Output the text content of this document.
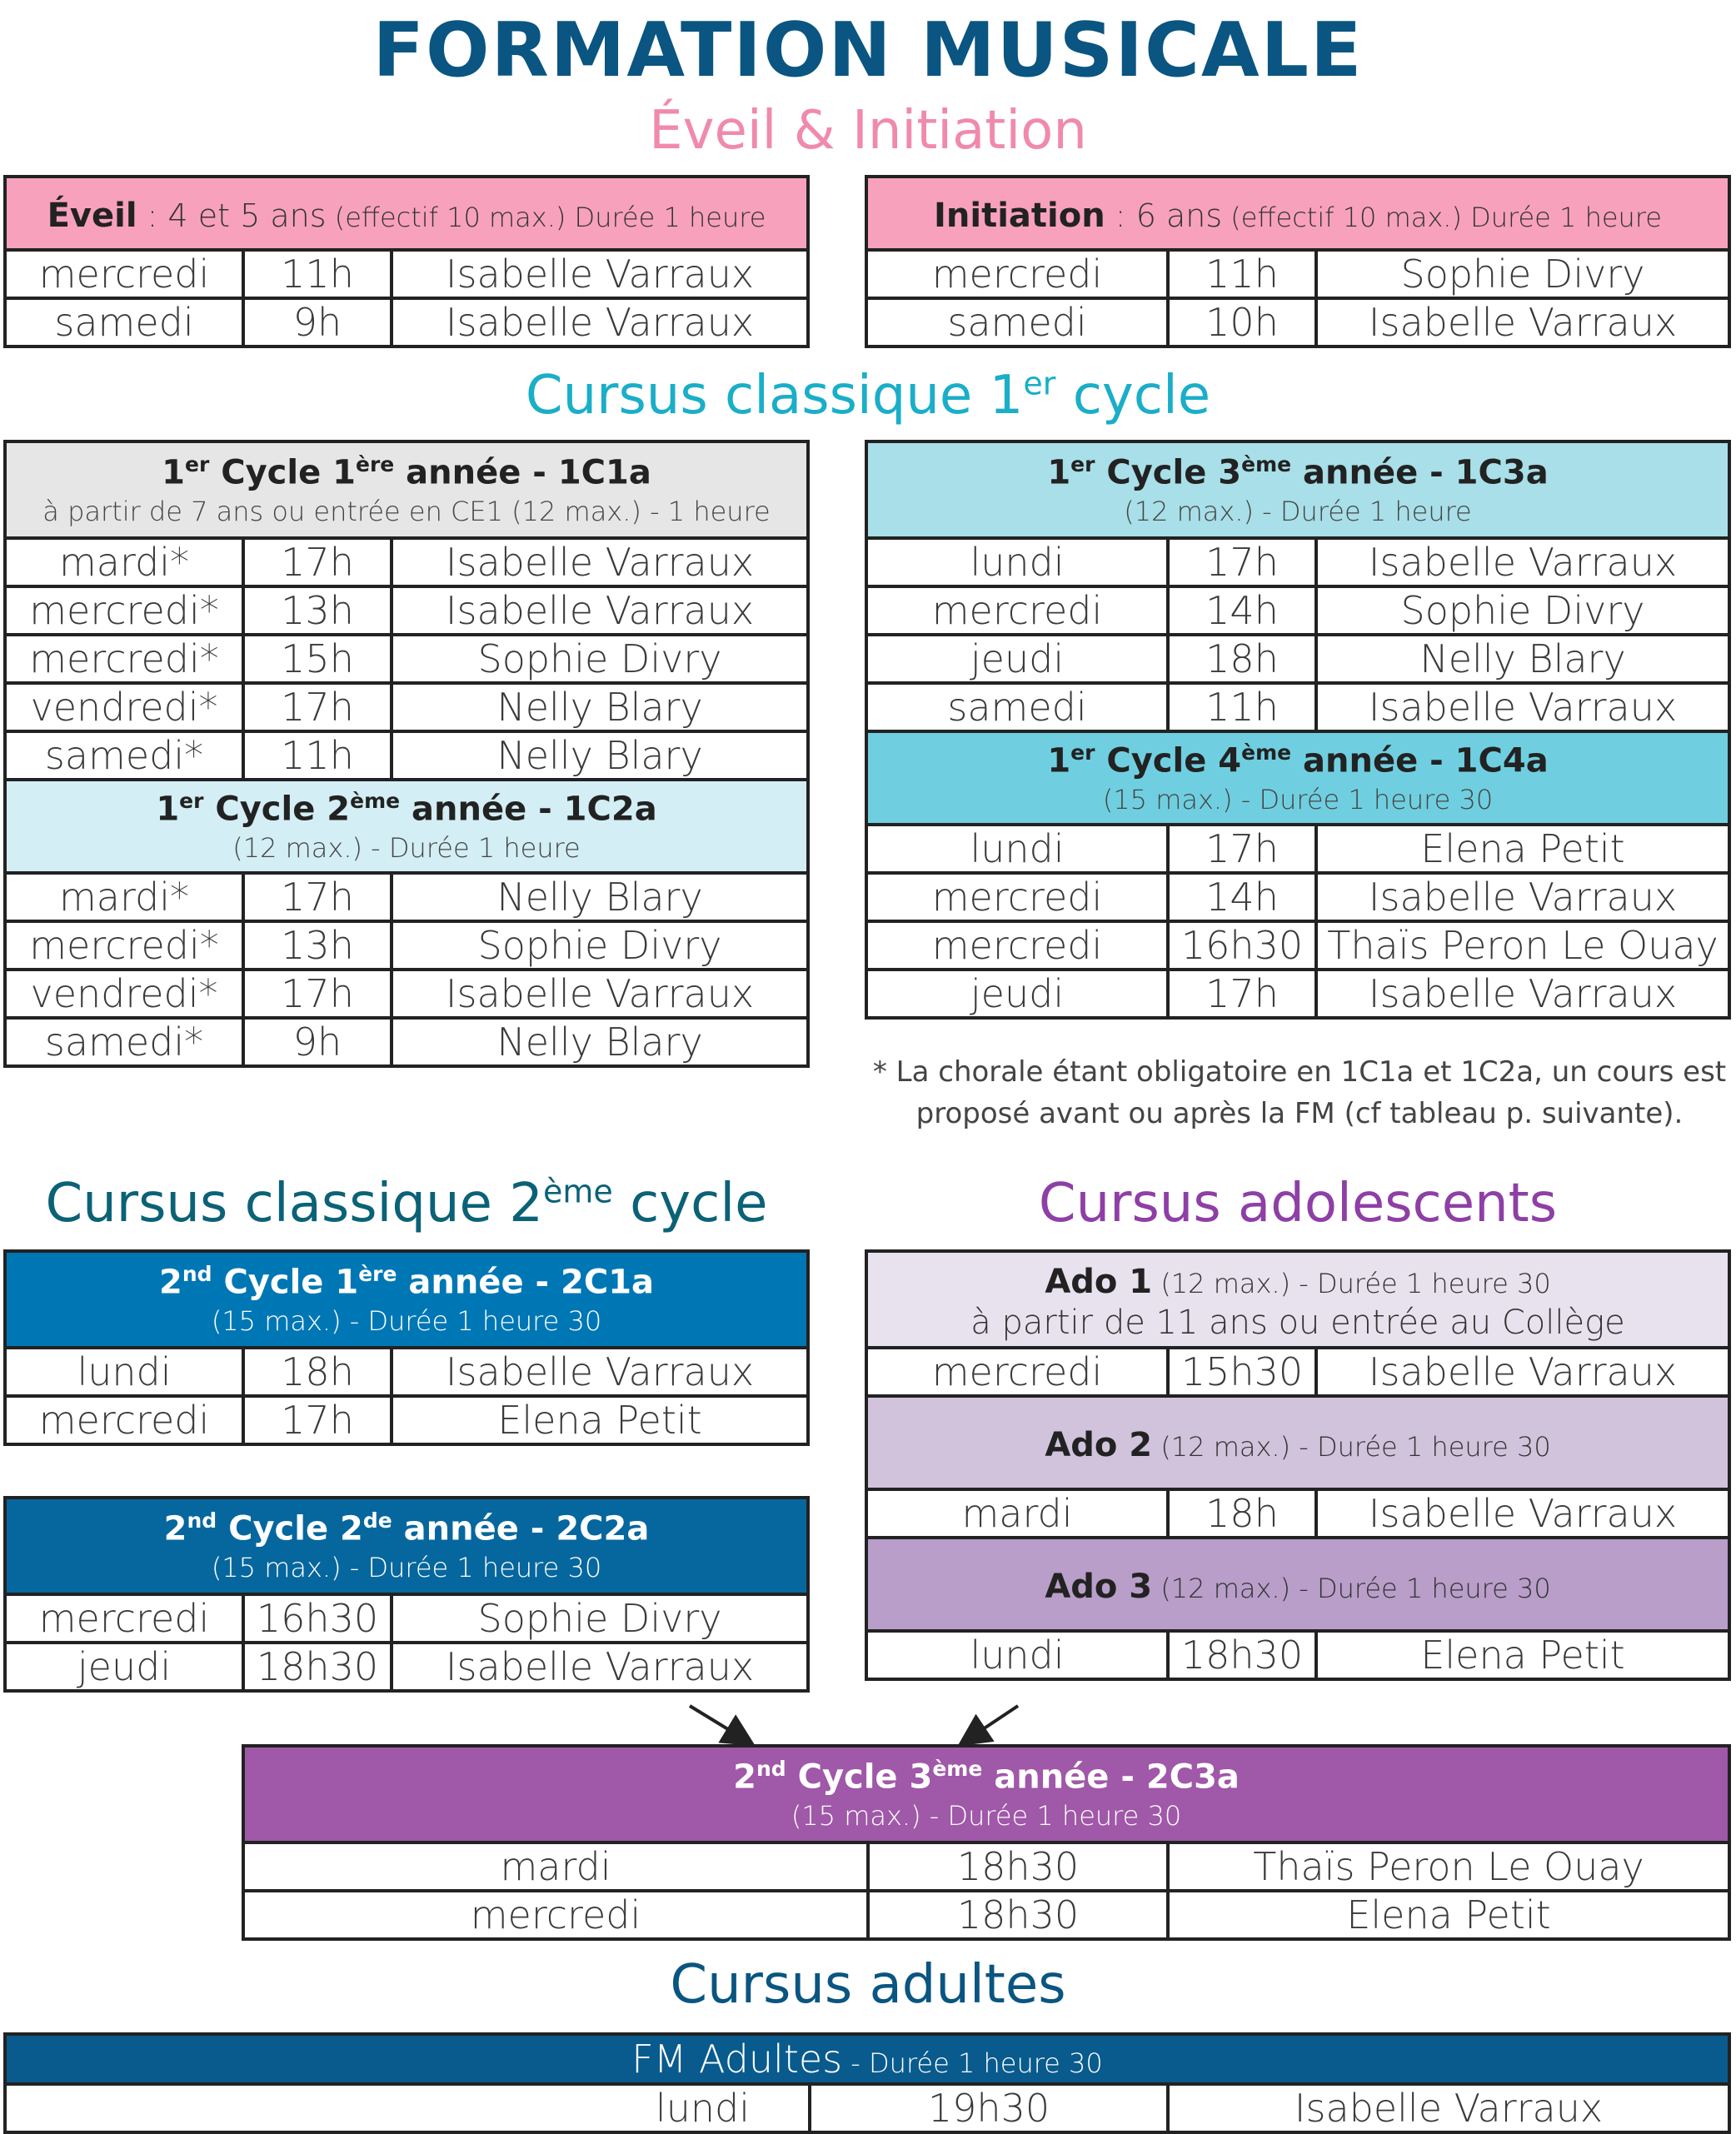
FORMATION MUSICALE
Éveil & Initiation
Éveil : 4 et 5 ans (effectif 10 max.) Durée 1 heure		
mercredi	11h	Isabelle Varraux
samedi	9h	Isabelle Varraux
Initiation : 6 ans (effectif 10 max.) Durée 1 heure		
mercredi	11h	Sophie Divry
samedi	10h	Isabelle Varraux
Cursus classique 1er cycle
1er Cycle 1ère année - 1C1a
à partir de 7 ans ou entrée en CE1 (12 max.) - 1 heure		

mardi*	17h	Isabelle Varraux
mercredi*	13h	Isabelle Varraux
mercredi*	15h	Sophie Divry
vendredi*	17h	Nelly Blary
samedi*	11h	Nelly Blary

1er Cycle 2ème année - 1C2a
(12 max.) - Durée 1 heure		

mardi*	17h	Nelly Blary
mercredi*	13h	Sophie Divry
vendredi*	17h	Isabelle Varraux
samedi*	9h	Nelly Blary
1er Cycle 3ème année - 1C3a
(12 max.) - Durée 1 heure		

lundi	17h	Isabelle Varraux
mercredi	14h	Sophie Divry
jeudi	18h	Nelly Blary
samedi	11h	Isabelle Varraux

1er Cycle 4ème année - 1C4a
(15 max.) - Durée 1 heure 30		

lundi	17h	Elena Petit
mercredi	14h	Isabelle Varraux
mercredi	16h30	Thaïs Peron Le Ouay
jeudi	17h	Isabelle Varraux
* La chorale étant obligatoire en 1C1a et 1C2a, un cours est
proposé avant ou après la FM (cf tableau p. suivante).
Cursus classique 2ème cycle	Cursus adolescents
2nd Cycle 1ère année - 2C1a
(15 max.) - Durée 1 heure 30		

lundi	18h	Isabelle Varraux
mercredi	17h	Elena Petit
2nd Cycle 2de année - 2C2a
(15 max.) - Durée 1 heure 30		

mercredi	16h30	Sophie Divry
jeudi	18h30	Isabelle Varraux
Ado 1 (12 max.) - Durée 1 heure 30
à partir de 11 ans ou entrée au Collège		

mercredi	15h30	Isabelle Varraux
Ado 2 (12 max.) - Durée 1 heure 30		
mardi	18h	Isabelle Varraux
Ado 3 (12 max.) - Durée 1 heure 30		
lundi	18h30	Elena Petit
2nd Cycle 3ème année - 2C3a
(15 max.) - Durée 1 heure 30		

mardi	18h30	Thaïs Peron Le Ouay
mercredi	18h30	Elena Petit
Cursus adultes
FM Adultes - Durée 1 heure 30
lundi	19h30	Isabelle Varraux
